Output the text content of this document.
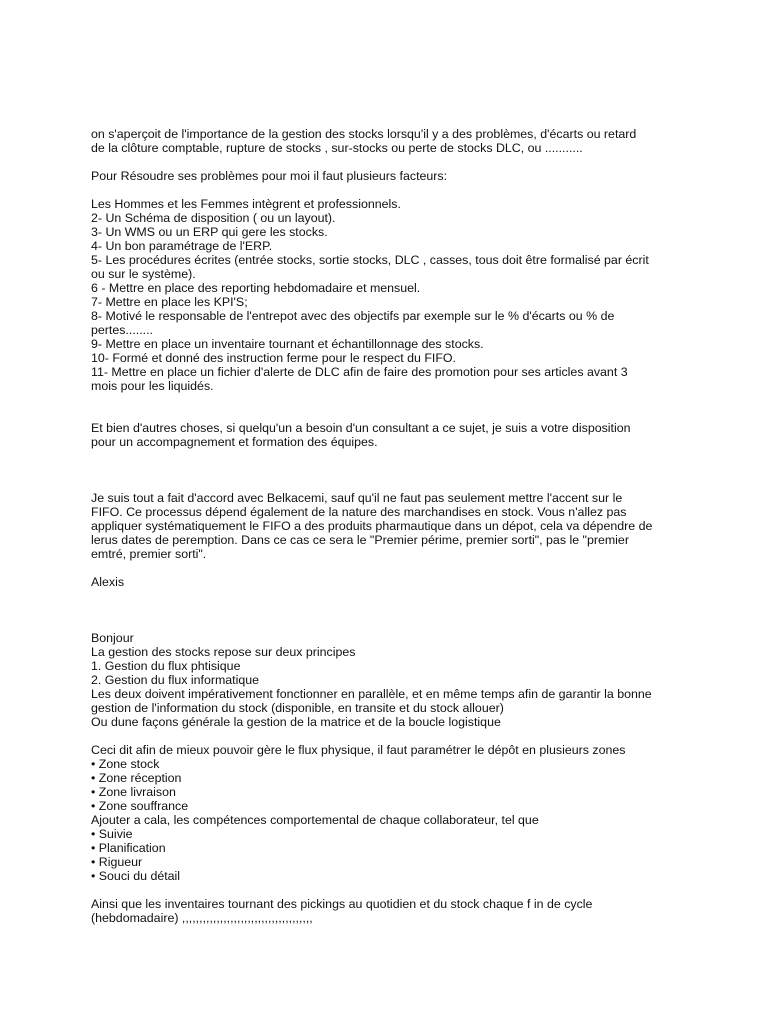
on s'aperçoit de l'importance de la gestion des stocks lorsqu'il y a des problèmes, d'écarts ou retard
de la clôture comptable, rupture de stocks , sur-stocks ou perte de stocks DLC, ou ...........
Pour Résoudre ses problèmes pour moi il faut plusieurs facteurs:
Les Hommes et les Femmes intègrent et professionnels.
2- Un Schéma de disposition ( ou un layout).
3- Un WMS ou un ERP qui gere les stocks.
4- Un bon paramétrage de l'ERP.
5- Les procédures écrites (entrée stocks, sortie stocks, DLC , casses, tous doit être formalisé par écrit
ou sur le système).
6 - Mettre en place des reporting hebdomadaire et mensuel.
7- Mettre en place les KPI'S;
8- Motivé le responsable de l'entrepot avec des objectifs par exemple sur le % d'écarts ou % de
pertes........
9- Mettre en place un inventaire tournant et échantillonnage des stocks.
10- Formé et donné des instruction ferme pour le respect du FIFO.
11- Mettre en place un fichier d'alerte de DLC afin de faire des promotion pour ses articles avant 3
mois pour les liquidés.
Et bien d'autres choses, si quelqu'un a besoin d'un consultant a ce sujet, je suis a votre disposition
pour un accompagnement et formation des équipes.
Je suis tout a fait d'accord avec Belkacemi, sauf qu'il ne faut pas seulement mettre l'accent sur le
FIFO. Ce processus dépend également de la nature des marchandises en stock. Vous n'allez pas
appliquer systématiquement le FIFO a des produits pharmautique dans un dépot, cela va dépendre de
lerus dates de peremption. Dans ce cas ce sera le "Premier périme, premier sorti", pas le "premier
emtré, premier sorti".
Alexis
Bonjour
La gestion des stocks repose sur deux principes
1. Gestion du flux phtisique
2. Gestion du flux informatique
Les deux doivent impérativement fonctionner en parallèle, et en même temps afin de garantir la bonne
gestion de l'information du stock (disponible, en transite et du stock allouer)
Ou dune façons générale la gestion de la matrice et de la boucle logistique
Ceci dit afin de mieux pouvoir gère le flux physique, il faut paramétrer le dépôt en plusieurs zones
• Zone stock
• Zone réception
• Zone livraison
• Zone souffrance
Ajouter a cala, les compétences comportemental de chaque collaborateur, tel que
• Suivie
• Planification
• Rigueur
• Souci du détail
Ainsi que les inventaires tournant des pickings au quotidien et du stock chaque f in de cycle
(hebdomadaire) ,,,,,,,,,,,,,,,,,,,,,,,,,,,,,,,,,,,,,,
